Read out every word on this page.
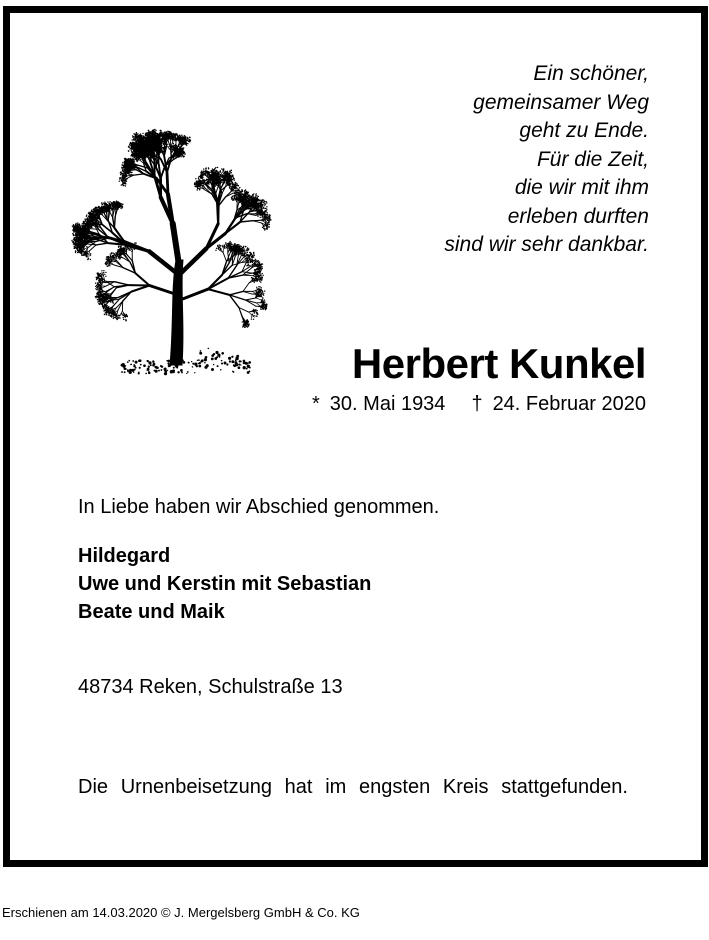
Ein schöner,
gemeinsamer Weg
geht zu Ende.
Für die Zeit,
die wir mit ihm
erleben durften
sind wir sehr dankbar.
Herbert Kunkel
* 30. Mai 1934 † 24. Februar 2020
In Liebe haben wir Abschied genommen.
Hildegard
Uwe und Kerstin mit Sebastian
Beate und Maik
48734 Reken, Schulstraße 13
Die Urnenbeisetzung hat im engsten Kreis stattgefunden.
Erschienen am 14.03.2020 © J. Mergelsberg GmbH & Co. KG
